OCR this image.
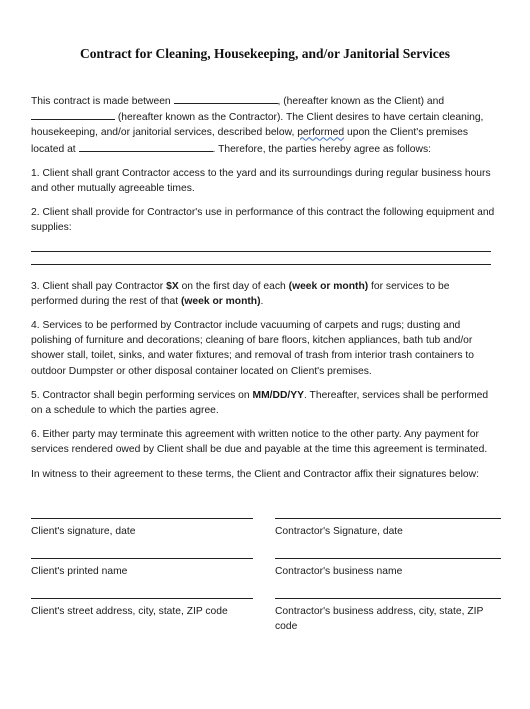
Contract for Cleaning, Housekeeping, and/or Janitorial Services

This contract is made between	, (hereafter known as the Client) and  (hereafter known as the Contractor). The Client desires to have certain cleaning, housekeeping, and/or janitorial services, described below, performed upon the Client's premises located at	. Therefore, the parties hereby agree as follows:

1. Client shall grant Contractor access to the yard and its surroundings during regular business hours and other mutually agreeable times.

2. Client shall provide for Contractor's use in performance of this contract the following equipment and supplies:

3. Client shall pay Contractor $X on the first day of each (week or month) for services to be performed during the rest of that (week or month).

4. Services to be performed by Contractor include vacuuming of carpets and rugs; dusting and polishing of furniture and decorations; cleaning of bare floors, kitchen appliances, bath tub and/or shower stall, toilet, sinks, and water fixtures; and removal of trash from interior trash containers to outdoor Dumpster or other disposal container located on Client's premises.

5. Contractor shall begin performing services on MM/DD/YY. Thereafter, services shall be performed on a schedule to which the parties agree.

6. Either party may terminate this agreement with written notice to the other party. Any payment for services rendered owed by Client shall be due and payable at the time this agreement is terminated.

In witness to their agreement to these terms, the Client and Contractor affix their signatures below:

Client's signature, date	Contractor's Signature, date
Client's printed name	Contractor's business name
Client's street address, city, state, ZIP code	Contractor's business address, city, state, ZIP code
